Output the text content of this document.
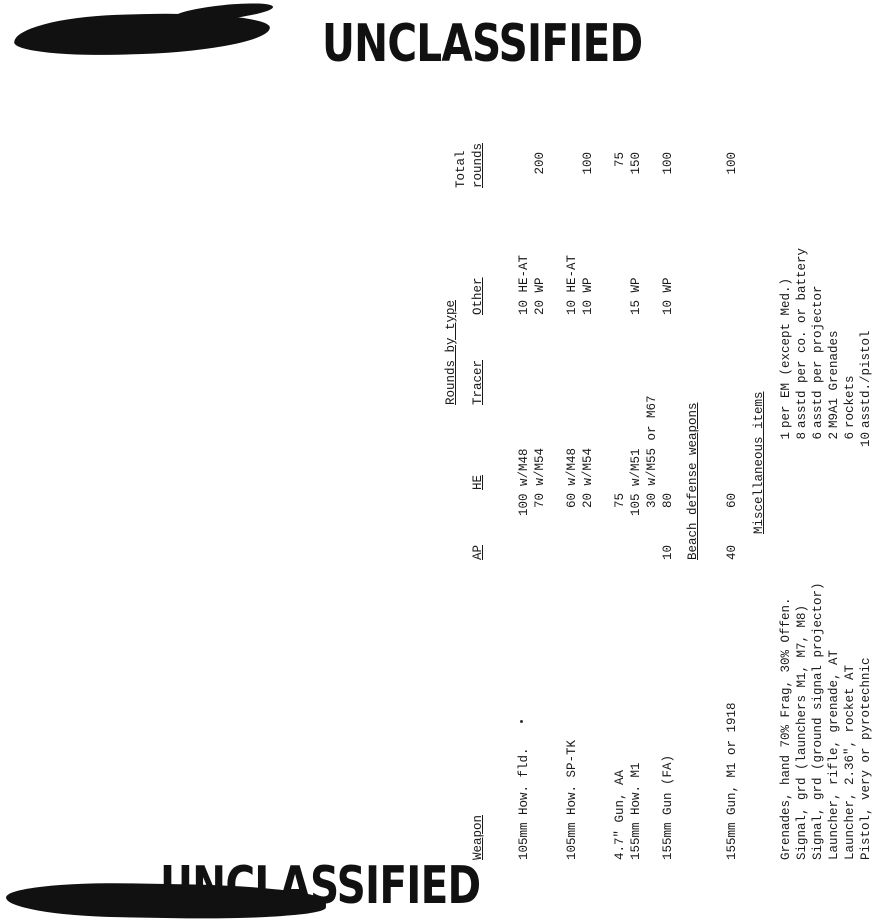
UNCLASSIFIED
Rounds by type
Total
Weapon
AP
HE
Tracer
Other
rounds
105mm How. fld.
100 w/M48
10 HE-AT
70 w/M54
20 WP
200
105mm How. SP-TK
60 w/M48
10 HE-AT
20 w/M54
10 WP
100
4.7" Gun, AA
75
75
155mm How. M1
105 w/M51
15 WP
150
30 w/M55 or M67
155mm Gun (FA)
10
80
10 WP
100
Beach defense weapons
155mm Gun, M1 or 1918
40
60
100
Miscellaneous items
Grenades, hand 70% Frag, 30% Offen.
1
per EM (except Med.)
Signal, grd (launchers M1, M7, M8)
8
asstd per co. or battery
Signal, grd (ground signal projector)
6
asstd per projector
Launcher, rifle, grenade, AT
2
M9A1 Grenades
Launcher, 2.36", rocket AT
6
rockets
Pistol, very or pyrotechnic
10
asstd./pistol
UNCLASSIFIED
